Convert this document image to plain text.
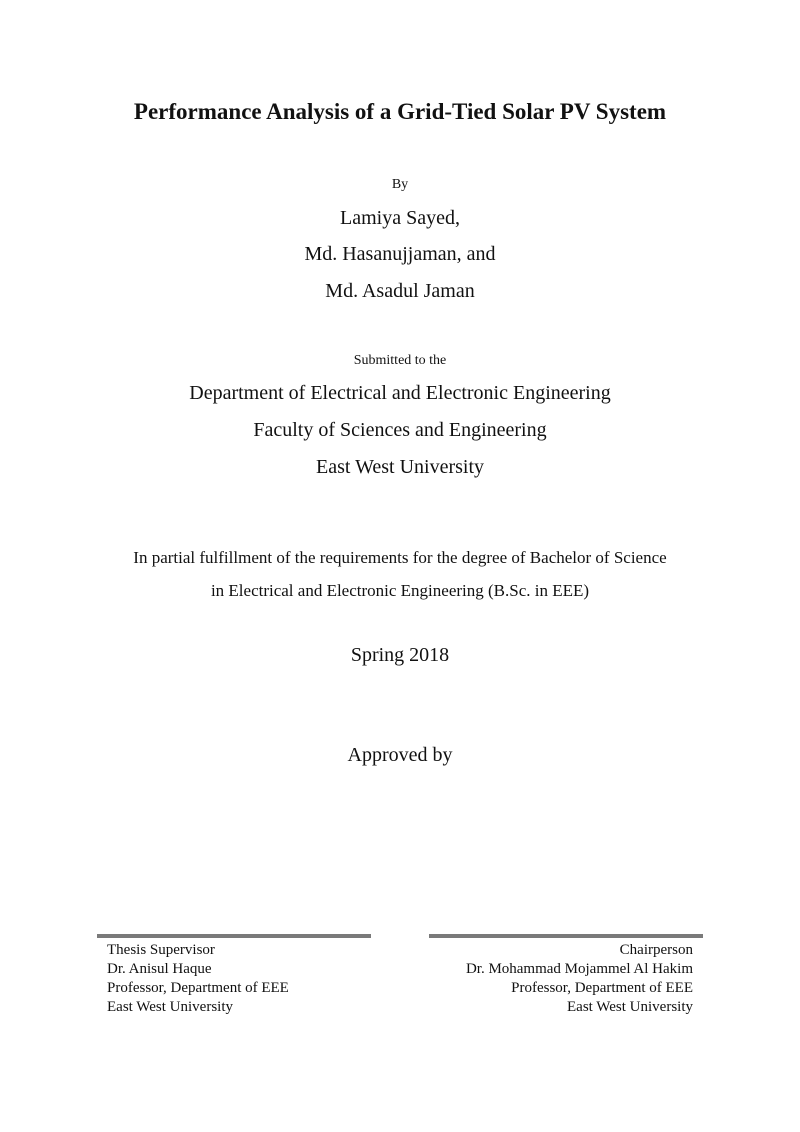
Performance Analysis of a Grid-Tied Solar PV System
By
Lamiya Sayed,
Md. Hasanujjaman, and
Md. Asadul Jaman
Submitted to the
Department of Electrical and Electronic Engineering
Faculty of Sciences and Engineering
East West University
In partial fulfillment of the requirements for the degree of Bachelor of Science
in Electrical and Electronic Engineering (B.Sc. in EEE)
Spring 2018
Approved by
Thesis Supervisor
Dr. Anisul Haque
Professor, Department of EEE
East West University
Chairperson
Dr. Mohammad Mojammel Al Hakim
Professor, Department of EEE
East West University
